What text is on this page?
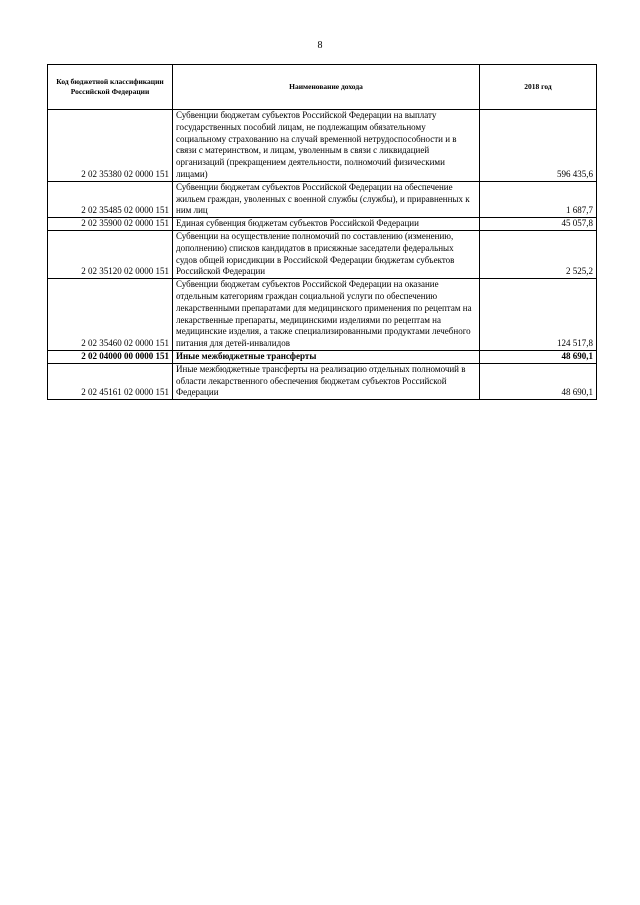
8
Код бюджетной классификации Российской Федерации	Наименование дохода	2018 год
2 02 35380 02 0000 151	Субвенции бюджетам субъектов Российской Федерации на выплату государственных пособий лицам, не подлежащим обязательному социальному страхованию на случай временной нетрудоспособности и в связи с материнством, и лицам, уволенным в связи с ликвидацией организаций (прекращением деятельности, полномочий физическими лицами)	596 435,6
2 02 35485 02 0000 151	Субвенции бюджетам субъектов Российской Федерации на обеспечение жильем граждан, уволенных с военной службы (службы), и приравненных к ним лиц	1 687,7
2 02 35900 02 0000 151	Единая субвенция бюджетам субъектов Российской Федерации	45 057,8
2 02 35120 02 0000 151	Субвенции на осуществление полномочий по составлению (изменению, дополнению) списков кандидатов в присяжные заседатели федеральных судов общей юрисдикции в Российской Федерации бюджетам субъектов Российской Федерации	2 525,2
2 02 35460 02 0000 151	Субвенции бюджетам субъектов Российской Федерации на оказание отдельным категориям граждан социальной услуги по обеспечению лекарственными препаратами для медицинского применения по рецептам на лекарственные препараты, медицинскими изделиями по рецептам на медицинские изделия, а также специализированными продуктами лечебного питания для детей-инвалидов	124 517,8
2 02 04000 00 0000 151	Иные межбюджетные трансферты	48 690,1
2 02 45161 02 0000 151	Иные межбюджетные трансферты на реализацию отдельных полномочий в области лекарственного обеспечения бюджетам субъектов Российской Федерации	48 690,1
